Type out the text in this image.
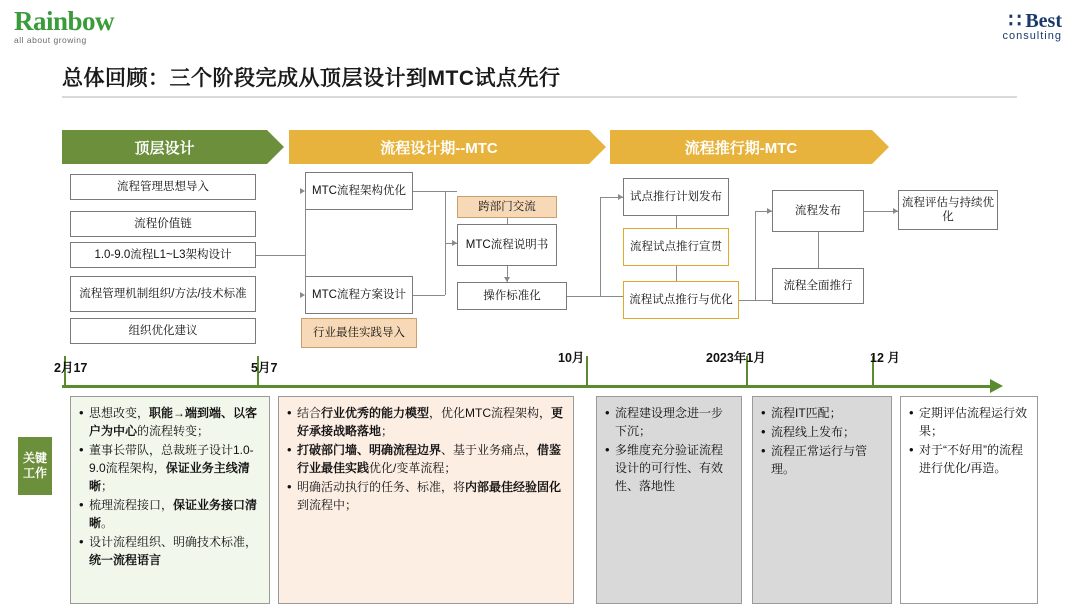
Rainbow
all about growing
∷ Best
consulting
总体回顾：三个阶段完成从顶层设计到MTC试点先行
顶层设计	流程设计期--MTC	流程推行期-MTC
流程管理思想导入
流程价值链
1.0-9.0流程L1~L3架构设计
流程管理机制组织/方法/技术标准
组织优化建议
MTC流程架构优化
MTC流程方案设计
行业最佳实践导入
跨部门交流
MTC流程说明书
操作标准化
试点推行计划发布
流程试点推行宣贯
流程试点推行与优化
流程发布
流程全面推行
流程评估与持续优化
2月17	5月7
10月	2023年1月	12 月
关键工作
• 思想改变，职能→端到端、以客户为中心的流程转变；
• 董事长带队，总裁班子设计1.0-9.0流程架构，保证业务主线清晰；
• 梳理流程接口，保证业务接口清晰。
• 设计流程组织、明确技术标准，统一流程语言
• 结合行业优秀的能力模型，优化MTC流程架构，更好承接战略落地；
• 打破部门墙、明确流程边界、基于业务痛点，借鉴行业最佳实践优化/变革流程；
• 明确活动执行的任务、标准，将内部最佳经验固化到流程中；
• 流程建设理念进一步下沉；
• 多维度充分验证流程设计的可行性、有效性、落地性
• 流程IT匹配；
• 流程线上发布；
• 流程正常运行与管理。
• 定期评估流程运行效果；
• 对于“不好用”的流程进行优化/再造。
